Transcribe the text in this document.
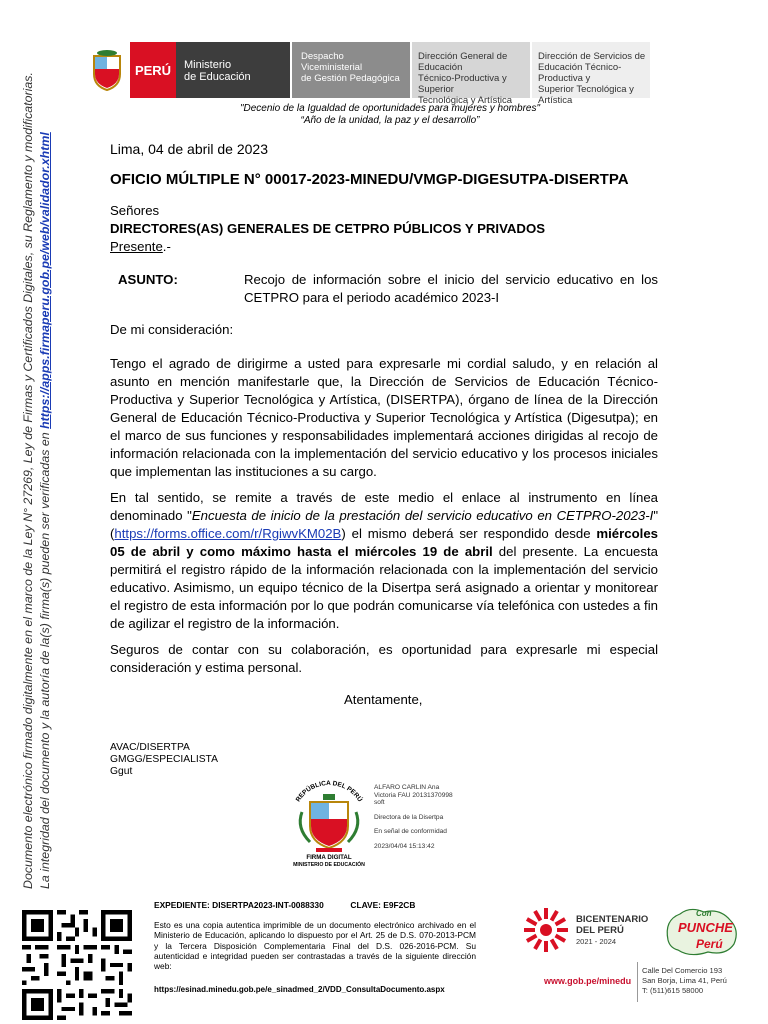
Documento electrónico firmado digitalmente en el marco de la Ley N° 27269, Ley de Firmas y Certificados Digitales, su Reglamento y modificatorias. La integridad del documento y la autoría de la(s) firma(s) pueden ser verificadas en https://apps.firmaperu.gob.pe/web/validador.xhtml
PERÚ	Ministerio
de Educación
Despacho
Viceministerial
de Gestión Pedagógica
Dirección General de Educación
Técnico-Productiva y Superior
Tecnológica y Artística
Dirección de Servicios de
Educación Técnico-Productiva y
Superior Tecnológica y Artística
"Decenio de la Igualdad de oportunidades para mujeres y hombres"
“Año de la unidad, la paz y el desarrollo”
Lima, 04 de abril de 2023
OFICIO MÚLTIPLE N° 00017-2023-MINEDU/VMGP-DIGESUTPA-DISERTPA
Señores
DIRECTORES(AS) GENERALES DE CETPRO PÚBLICOS Y PRIVADOS
Presente.-
ASUNTO:	Recojo de información sobre el inicio del servicio educativo en los CETPRO para el periodo académico 2023-I
De mi consideración:
Tengo el agrado de dirigirme a usted para expresarle mi cordial saludo, y en relación al asunto en mención manifestarle que, la Dirección de Servicios de Educación Técnico-Productiva y Superior Tecnológica y Artística, (DISERTPA), órgano de línea de la Dirección General de Educación Técnico-Productiva y Superior Tecnológica y Artística (Digesutpa); en el marco de sus funciones y responsabilidades implementará acciones dirigidas al recojo de información relacionada con la implementación del servicio educativo y los procesos iniciales que implementan las instituciones a su cargo.
En tal sentido, se remite a través de este medio el enlace al instrumento en línea denominado "Encuesta de inicio de la prestación del servicio educativo en CETPRO-2023-I" (https://forms.office.com/r/RgiwvKM02B) el mismo deberá ser respondido desde miércoles 05 de abril y como máximo hasta el miércoles 19 de abril del presente. La encuesta permitirá el registro rápido de la información relacionada con la implementación del servicio educativo. Asimismo, un equipo técnico de la Disertpa será asignado a orientar y monitorear el registro de esta información por lo que podrán comunicarse vía telefónica con ustedes a fin de agilizar el registro de la información.
Seguros de contar con su colaboración, es oportunidad para expresarle mi especial consideración y estima personal.
Atentamente,
AVAC/DISERTPA
GMGG/ESPECIALISTA
Ggut
REPÚBLICA DEL PERÚ
FIRMA DIGITAL
MINISTERIO DE EDUCACIÓN
ALFARO CARLIN Ana
Victoria FAU 20131370998
soft
Directora de la Disertpa
En señal de conformidad
2023/04/04 15:13:42
EXPEDIENTE: DISERTPA2023-INT-0088330	CLAVE: E9F2CB
Esto es una copia autentica imprimible de un documento electrónico archivado en el Ministerio de Educación, aplicando lo dispuesto por el Art. 25 de D.S. 070-2013-PCM y la Tercera Disposición Complementaria Final del D.S. 026-2016-PCM. Su autenticidad e integridad pueden ser contrastadas a través de la siguiente dirección web:
https://esinad.minedu.gob.pe/e_sinadmed_2/VDD_ConsultaDocumento.aspx
BICENTENARIO
DEL PERÚ
2021 - 2024
Con
PUNCHE
Perú
www.gob.pe/minedu
Calle Del Comercio 193
San Borja, Lima 41, Perú
T: (511)615 58000
